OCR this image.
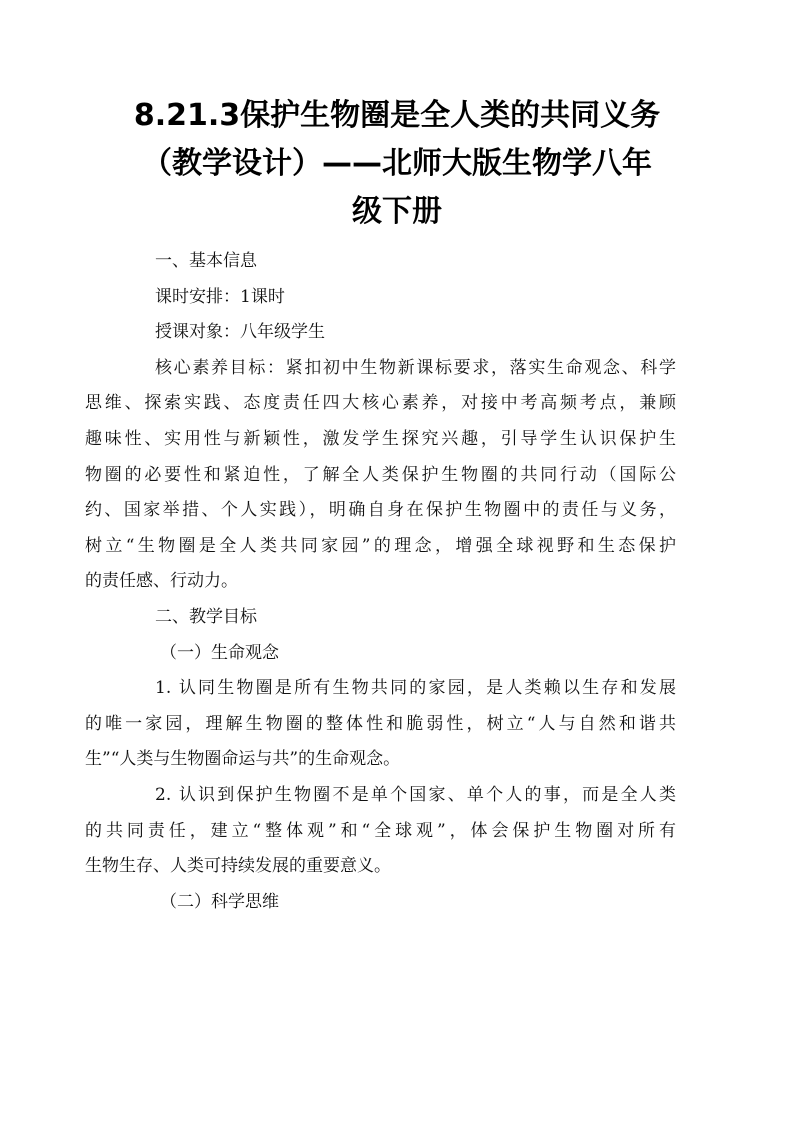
8.21.3保护生物圈是全人类的共同义务
（教学设计）——北师大版生物学八年
级下册

一、基本信息

课时安排：1课时

授课对象：八年级学生

核心素养目标：紧扣初中生物新课标要求，落实生命观念、科学

思维、探索实践、态度责任四大核心素养，对接中考高频考点，兼顾

趣味性、实用性与新颖性，激发学生探究兴趣，引导学生认识保护生

物圈的必要性和紧迫性，了解全人类保护生物圈的共同行动（国际公

约、国家举措、个人实践），明确自身在保护生物圈中的责任与义务，

树立“生物圈是全人类共同家园”的理念，增强全球视野和生态保护

的责任感、行动力。

二、教学目标

（一）生命观念

1. 认同生物圈是所有生物共同的家园，是人类赖以生存和发展

的唯一家园，理解生物圈的整体性和脆弱性，树立“人与自然和谐共

生”“人类与生物圈命运与共”的生命观念。

2. 认识到保护生物圈不是单个国家、单个人的事，而是全人类

的共同责任，建立“整体观”和“全球观”，体会保护生物圈对所有

生物生存、人类可持续发展的重要意义。

（二）科学思维
